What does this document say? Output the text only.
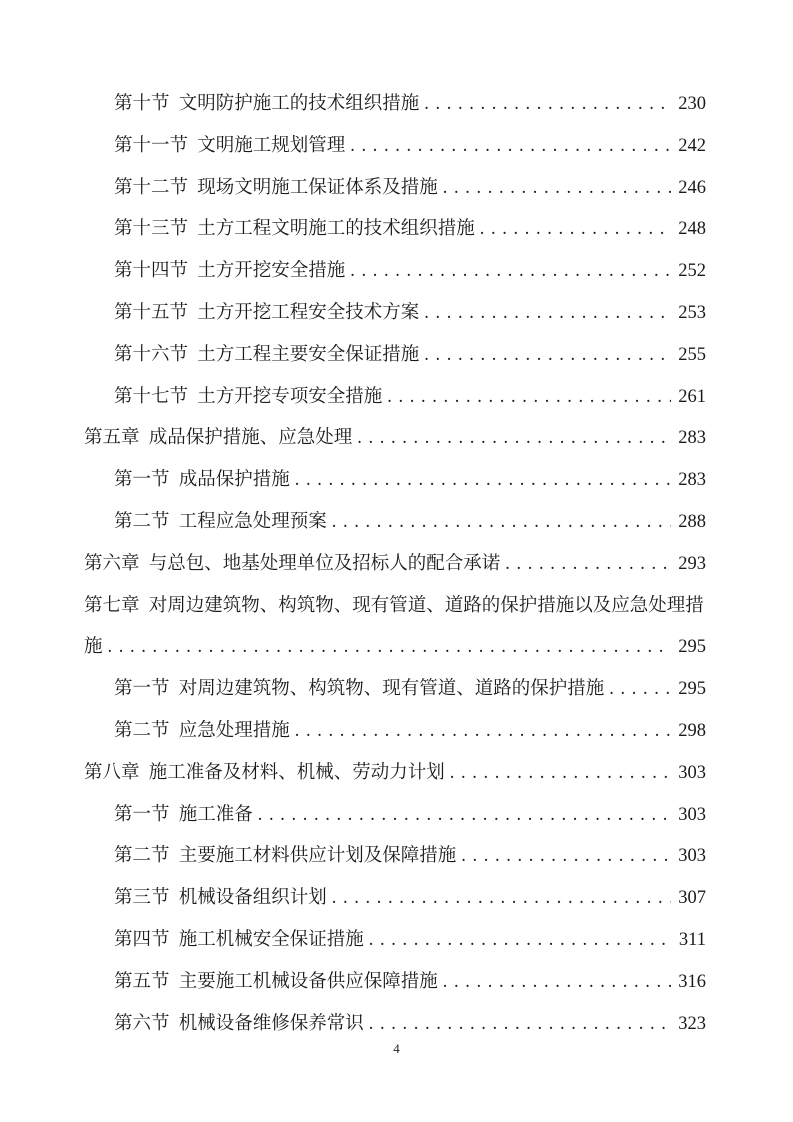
第十节 文明防护施工的技术组织措施 . . .	230
第十一节 文明施工规划管理 . . .	242
第十二节 现场文明施工保证体系及措施 . . .	246
第十三节 土方工程文明施工的技术组织措施 . . .	248
第十四节 土方开挖安全措施 . . .	252
第十五节 土方开挖工程安全技术方案 . . .	253
第十六节 土方工程主要安全保证措施 . . .	255
第十七节 土方开挖专项安全措施 . . .	261
第五章 成品保护措施、应急处理 . . .	283
第一节 成品保护措施 . . .	283
第二节 工程应急处理预案 . . .	288
第六章 与总包、地基处理单位及招标人的配合承诺 . . .	293
第七章 对周边建筑物、构筑物、现有管道、道路的保护措施以及应急处理措
施 . . .	295
第一节 对周边建筑物、构筑物、现有管道、道路的保护措施 . . .	295
第二节 应急处理措施 . . .	298
第八章 施工准备及材料、机械、劳动力计划 . . .	303
第一节 施工准备 . . .	303
第二节 主要施工材料供应计划及保障措施 . . .	303
第三节 机械设备组织计划 . . .	307
第四节 施工机械安全保证措施 . . .	311
第五节 主要施工机械设备供应保障措施 . . .	316
第六节 机械设备维修保养常识 . . .	323
4
